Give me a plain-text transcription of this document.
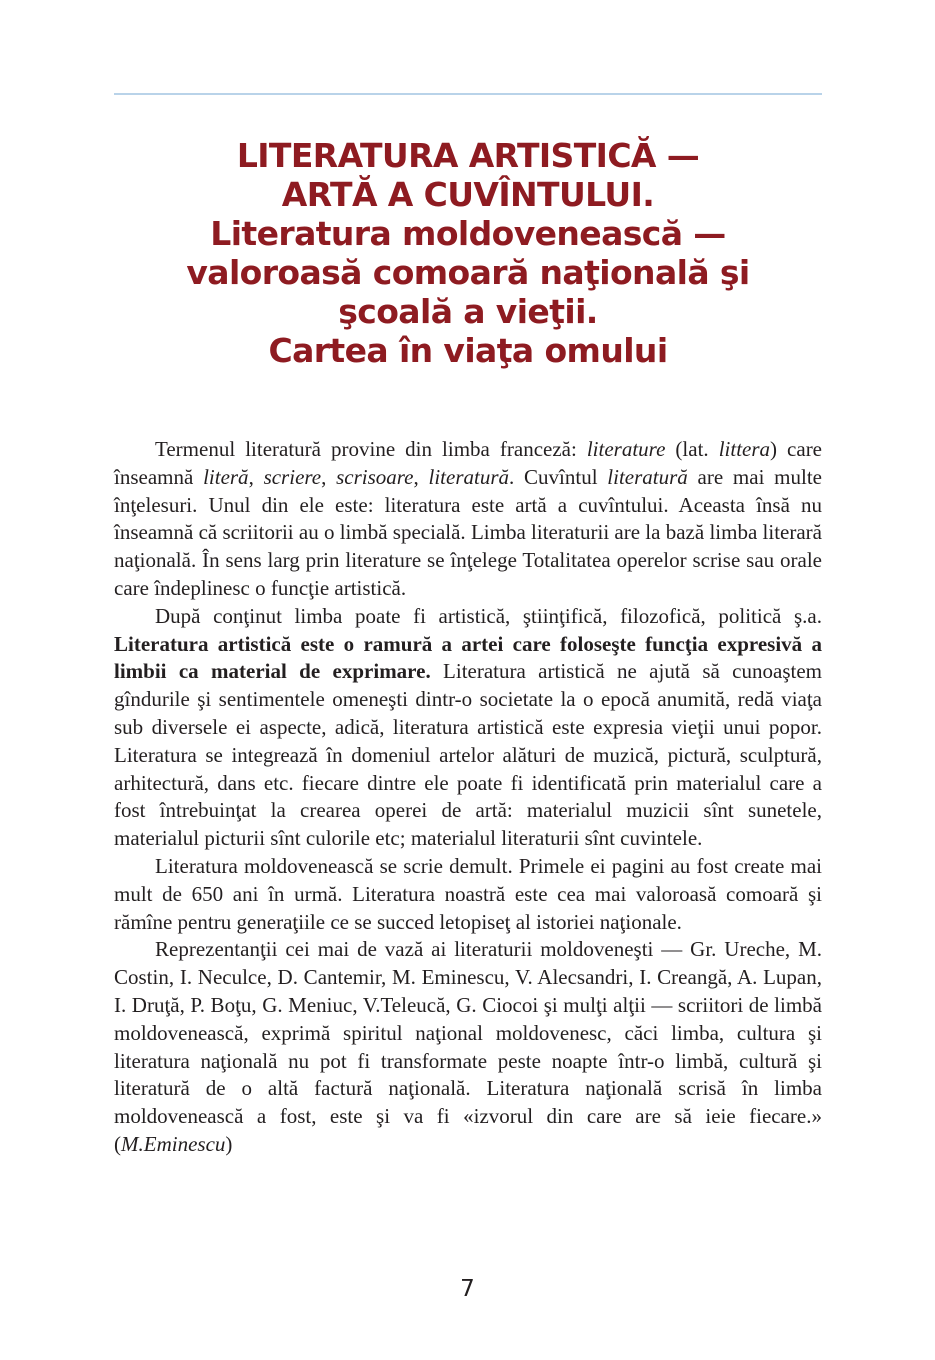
LITERATURA ARTISTICĂ —
ARTĂ A CUVÎNTULUI.
Literatura moldovenească —
valoroasă comoară naţională şi
şcoală a vieţii.
Cartea în viaţa omului

Termenul literatură provine din limba franceză: literature (lat. littera) care înseamnă literă, scriere, scrisoare, literatură. Cuvîntul literatură are mai multe înţelesuri. Unul din ele este: literatura este artă a cuvîntului. Aceasta însă nu înseamnă că scriitorii au o limbă specială. Limba literaturii are la bază limba literară naţională. În sens larg prin literature se înţelege Totalitatea operelor scrise sau orale care îndeplinesc o funcţie artistică.

După conţinut limba poate fi artistică, ştiinţifică, filozofică, politică ş.a. Literatura artistică este o ramură a artei care foloseşte funcţia expresivă a limbii ca material de exprimare. Literatura artistică ne ajută să cunoaştem gîndurile şi sentimentele omeneşti dintr-o societate la o epocă anumită, redă viaţa sub diversele ei aspecte, adică, literatura artistică este expresia vieţii unui popor. Literatura se integrează în domeniul artelor alături de muzică, pictură, sculptură, arhitectură, dans etc. fiecare dintre ele poate fi identificată prin materialul care a fost întrebuinţat la crearea operei de artă: materialul muzicii sînt sunetele, materialul picturii sînt culorile etc; materialul literaturii sînt cuvintele.

Literatura moldovenească se scrie demult. Primele ei pagini au fost create mai mult de 650 ani în urmă. Literatura noastră este cea mai valoroasă comoară şi rămîne pentru generaţiile ce se succed letopiseţ al istoriei naţionale.

Reprezentanţii cei mai de vază ai literaturii moldoveneşti — Gr. Ureche, M. Costin, I. Neculce, D. Cantemir, M. Eminescu, V. Alecsandri, I. Creangă, A. Lupan, I. Druţă, P. Boţu, G. Meniuc, V.Teleucă, G. Ciocoi şi mulţi alţii — scriitori de limbă moldovenească, exprimă spiritul naţional moldovenesc, căci limba, cultura şi literatura naţională nu pot fi transformate peste noapte într-o limbă, cultură şi literatură de o altă factură naţională. Literatura naţională scrisă în limba moldovenească a fost, este şi va fi «izvorul din care are să ieie fiecare.» (M.Eminescu)

7
